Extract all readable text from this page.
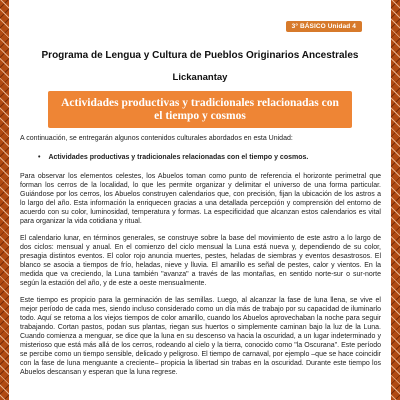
3° BÁSICO Unidad 4
Programa de Lengua y Cultura de Pueblos Originarios Ancestrales
Lickanantay
Actividades productivas y tradicionales relacionadas con el tiempo y cosmos

A continuación, se entregarán algunos contenidos culturales abordados en esta Unidad:

• Actividades productivas y tradicionales relacionadas con el tiempo y cosmos.

Para observar los elementos celestes, los Abuelos toman como punto de referencia el horizonte perimetral que forman los cerros de la localidad, lo que les permite organizar y delimitar el universo de una forma particular. Guiándose por los cerros, los Abuelos construyen calendarios que, con precisión, fijan la ubicación de los astros a lo largo del año. Esta información la enriquecen gracias a una detallada percepción y comprensión del entorno de acuerdo con su color, luminosidad, temperatura y formas. La especificidad que alcanzan estos calendarios es vital para organizar la vida cotidiana y ritual.

El calendario lunar, en términos generales, se construye sobre la base del movimiento de este astro a lo largo de dos ciclos: mensual y anual. En el comienzo del ciclo mensual la Luna está nueva y, dependiendo de su color, presagia distintos eventos. El color rojo anuncia muertes, pestes, heladas de siembras y eventos desastrosos. El blanco se asocia a tiempos de frío, heladas, nieve y lluvia. El amarillo es señal de pestes, calor y vientos. En la medida que va creciendo, la Luna también "avanza" a través de las montañas, en sentido norte-sur o sur-norte según la estación del año, y de este a oeste mensualmente.

Este tiempo es propicio para la germinación de las semillas. Luego, al alcanzar la fase de luna llena, se vive el mejor período de cada mes, siendo incluso considerado como un día más de trabajo por su capacidad de iluminarlo todo. Aquí se retoma a los viejos tiempos de color amarillo, cuando los Abuelos aprovechaban la noche para seguir trabajando. Cortan pastos, podan sus plantas, riegan sus huertos o simplemente caminan bajo la luz de la Luna. Cuando comienza a menguar, se dice que la luna en su descenso va hacia la oscuridad, a un lugar indeterminado y misterioso que está más allá de los cerros, rodeando al cielo y la tierra, conocido como "la Oscurana". Este período se percibe como un tiempo sensible, delicado y peligroso. El tiempo de carnaval, por ejemplo –que se hace coincidir con la fase de luna menguante a creciente– propicia la libertad sin trabas en la oscuridad. Durante este tiempo los Abuelos descansan y esperan que la luna regrese.
